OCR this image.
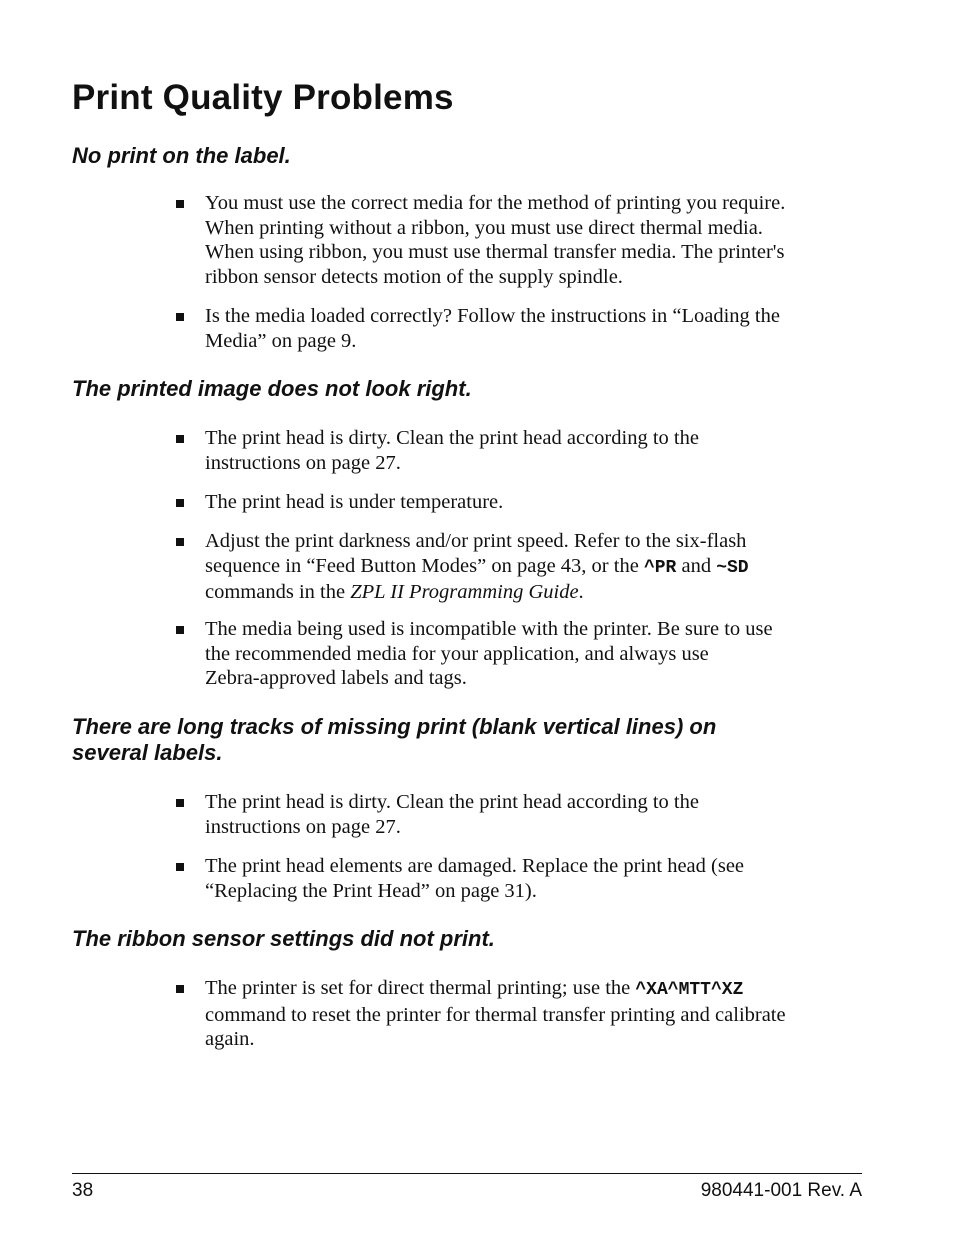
Print Quality Problems
No print on the label.
You must use the correct media for the method of printing you require.
When printing without a ribbon, you must use direct thermal media.
When using ribbon, you must use thermal transfer media. The printer's
ribbon sensor detects motion of the supply spindle.
Is the media loaded correctly? Follow the instructions in “Loading the
Media” on page 9.
The printed image does not look right.
The print head is dirty. Clean the print head according to the
instructions on page 27.
The print head is under temperature.
Adjust the print darkness and/or print speed. Refer to the six-flash
sequence in “Feed Button Modes” on page 43, or the ^PR and ~SD
commands in the ZPL II Programming Guide.
The media being used is incompatible with the printer. Be sure to use
the recommended media for your application, and always use
Zebra-approved labels and tags.
There are long tracks of missing print (blank vertical lines) on
several labels.
The print head is dirty. Clean the print head according to the
instructions on page 27.
The print head elements are damaged. Replace the print head (see
“Replacing the Print Head” on page 31).
The ribbon sensor settings did not print.
The printer is set for direct thermal printing; use the ^XA^MTT^XZ
command to reset the printer for thermal transfer printing and calibrate
again.
38	980441-001 Rev. A
